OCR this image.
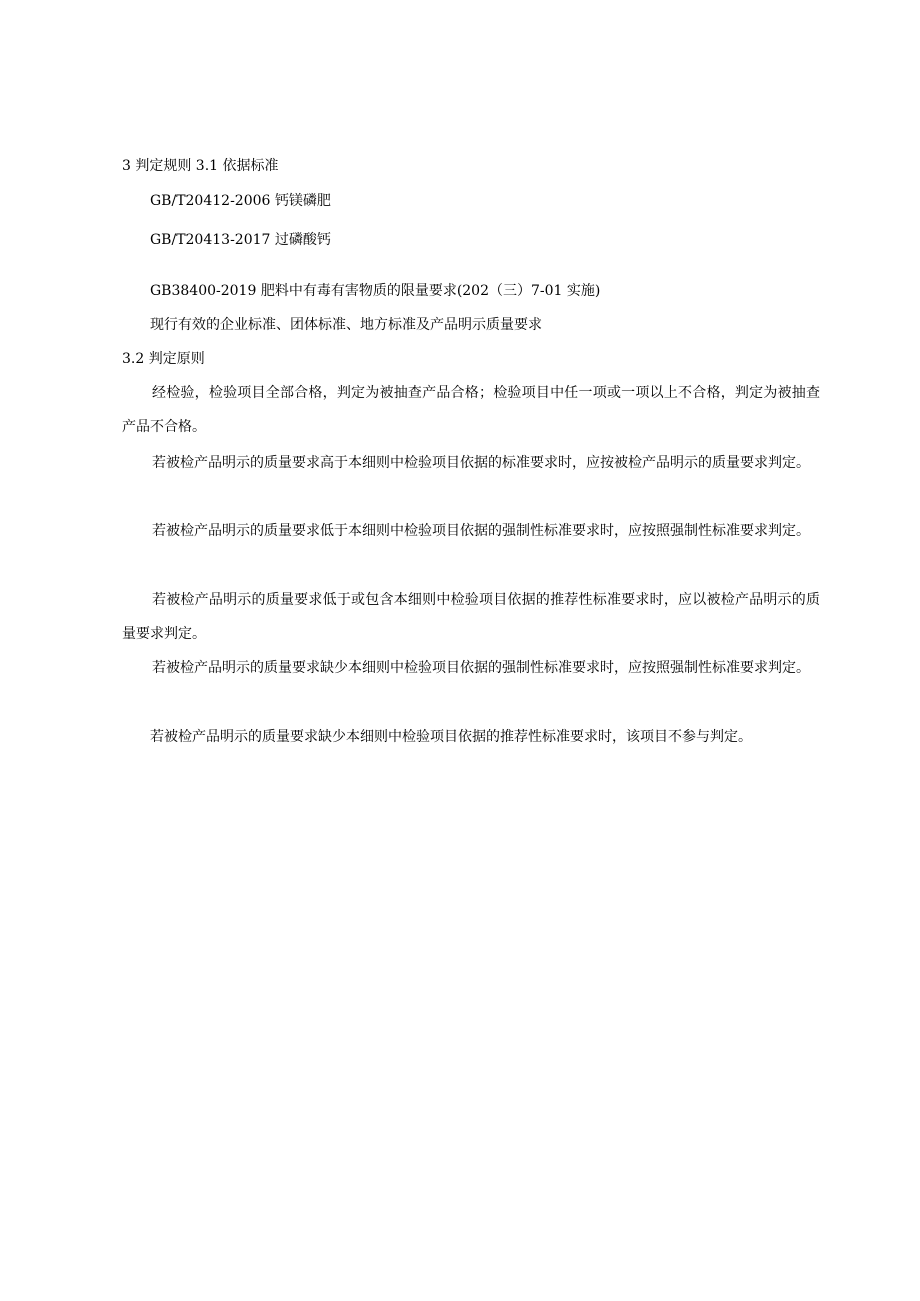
3 判定规则 3.1 依据标准
GB/T20412-2006 钙镁磷肥
GB/T20413-2017 过磷酸钙
GB38400-2019 肥料中有毒有害物质的限量要求(202（三）7-01 实施)
现行有效的企业标准、团体标准、地方标准及产品明示质量要求
3.2 判定原则
经检验，检验项目全部合格，判定为被抽查产品合格；检验项目中任一项或一项以上不合格，判定为被抽查产品不合格。
若被检产品明示的质量要求高于本细则中检验项目依据的标准要求时，应按被检产品明示的质量要求判定。
若被检产品明示的质量要求低于本细则中检验项目依据的强制性标准要求时，应按照强制性标准要求判定。
若被检产品明示的质量要求低于或包含本细则中检验项目依据的推荐性标准要求时，应以被检产品明示的质量要求判定。
若被检产品明示的质量要求缺少本细则中检验项目依据的强制性标准要求时，应按照强制性标准要求判定。
若被检产品明示的质量要求缺少本细则中检验项目依据的推荐性标准要求时，该项目不参与判定。
